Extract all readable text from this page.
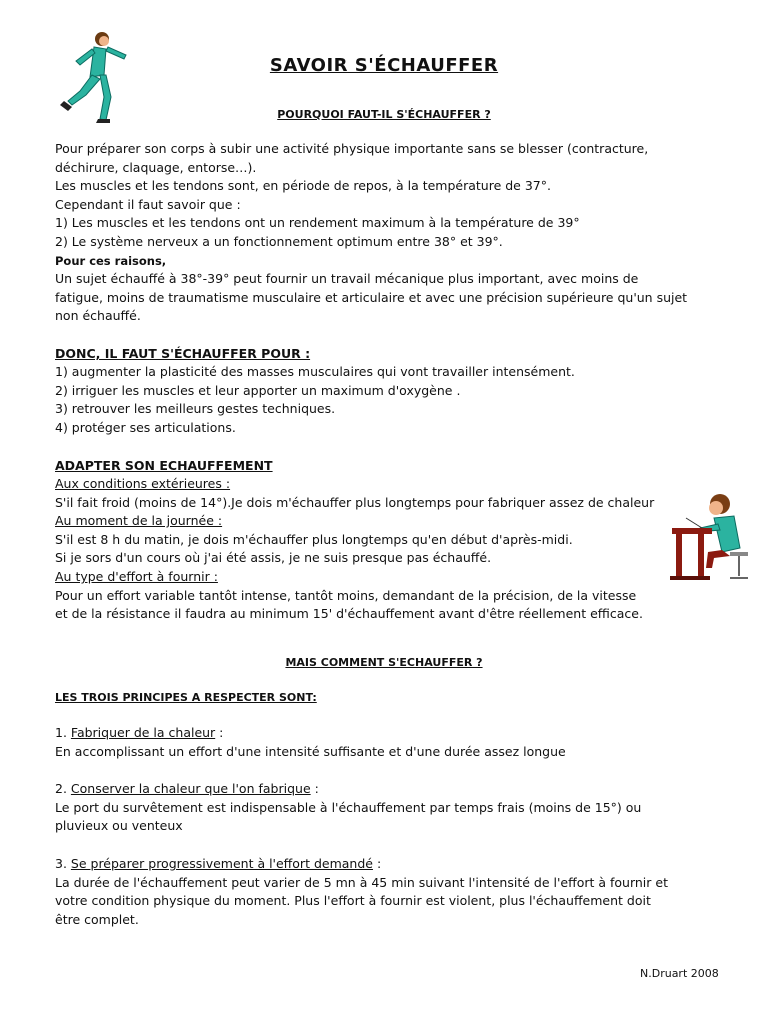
SAVOIR S'ÉCHAUFFER
POURQUOI FAUT-IL S'ÉCHAUFFER ?
Pour préparer son corps à subir une activité physique importante sans se blesser (contracture,
déchirure, claquage, entorse…).
Les muscles et les tendons sont, en période de repos, à la température de 37°.
Cependant il faut savoir que :
1) Les muscles et les tendons ont un rendement maximum à la température de 39°
2) Le système nerveux a un fonctionnement optimum entre 38° et 39°.
Pour ces raisons,
Un sujet échauffé à 38°-39° peut fournir un travail mécanique plus important, avec moins de
fatigue, moins de traumatisme musculaire et articulaire et avec une précision supérieure qu'un sujet
non échauffé.
DONC, IL FAUT S'ÉCHAUFFER POUR :
1) augmenter la plasticité des masses musculaires qui vont travailler intensément.
2) irriguer les muscles et leur apporter un maximum d'oxygène .
3) retrouver les meilleurs gestes techniques.
4) protéger ses articulations.
ADAPTER SON ECHAUFFEMENT
Aux conditions extérieures :
S'il fait froid (moins de 14°).Je dois m'échauffer plus longtemps pour fabriquer assez de chaleur
Au moment de la journée :
S'il est 8 h du matin, je dois m'échauffer plus longtemps qu'en début d'après-midi.
Si je sors d'un cours où j'ai été assis, je ne suis presque pas échauffé.
Au type d'effort à fournir :
Pour un effort variable tantôt intense, tantôt moins, demandant de la précision, de la vitesse
et de la résistance il faudra au minimum 15' d'échauffement avant d'être réellement efficace.
MAIS COMMENT S'ECHAUFFER ?
LES TROIS PRINCIPES A RESPECTER SONT:
1. Fabriquer de la chaleur :
En accomplissant un effort d'une intensité suffisante et d'une durée assez longue
2. Conserver la chaleur que l'on fabrique :
Le port du survêtement est indispensable à l'échauffement par temps frais (moins de 15°) ou
pluvieux ou venteux
3. Se préparer progressivement à l'effort demandé :
La durée de l'échauffement peut varier de 5 mn à 45 min suivant l'intensité de l'effort à fournir et
votre condition physique du moment. Plus l'effort à fournir est violent, plus l'échauffement doit
être complet.
N.Druart 2008
